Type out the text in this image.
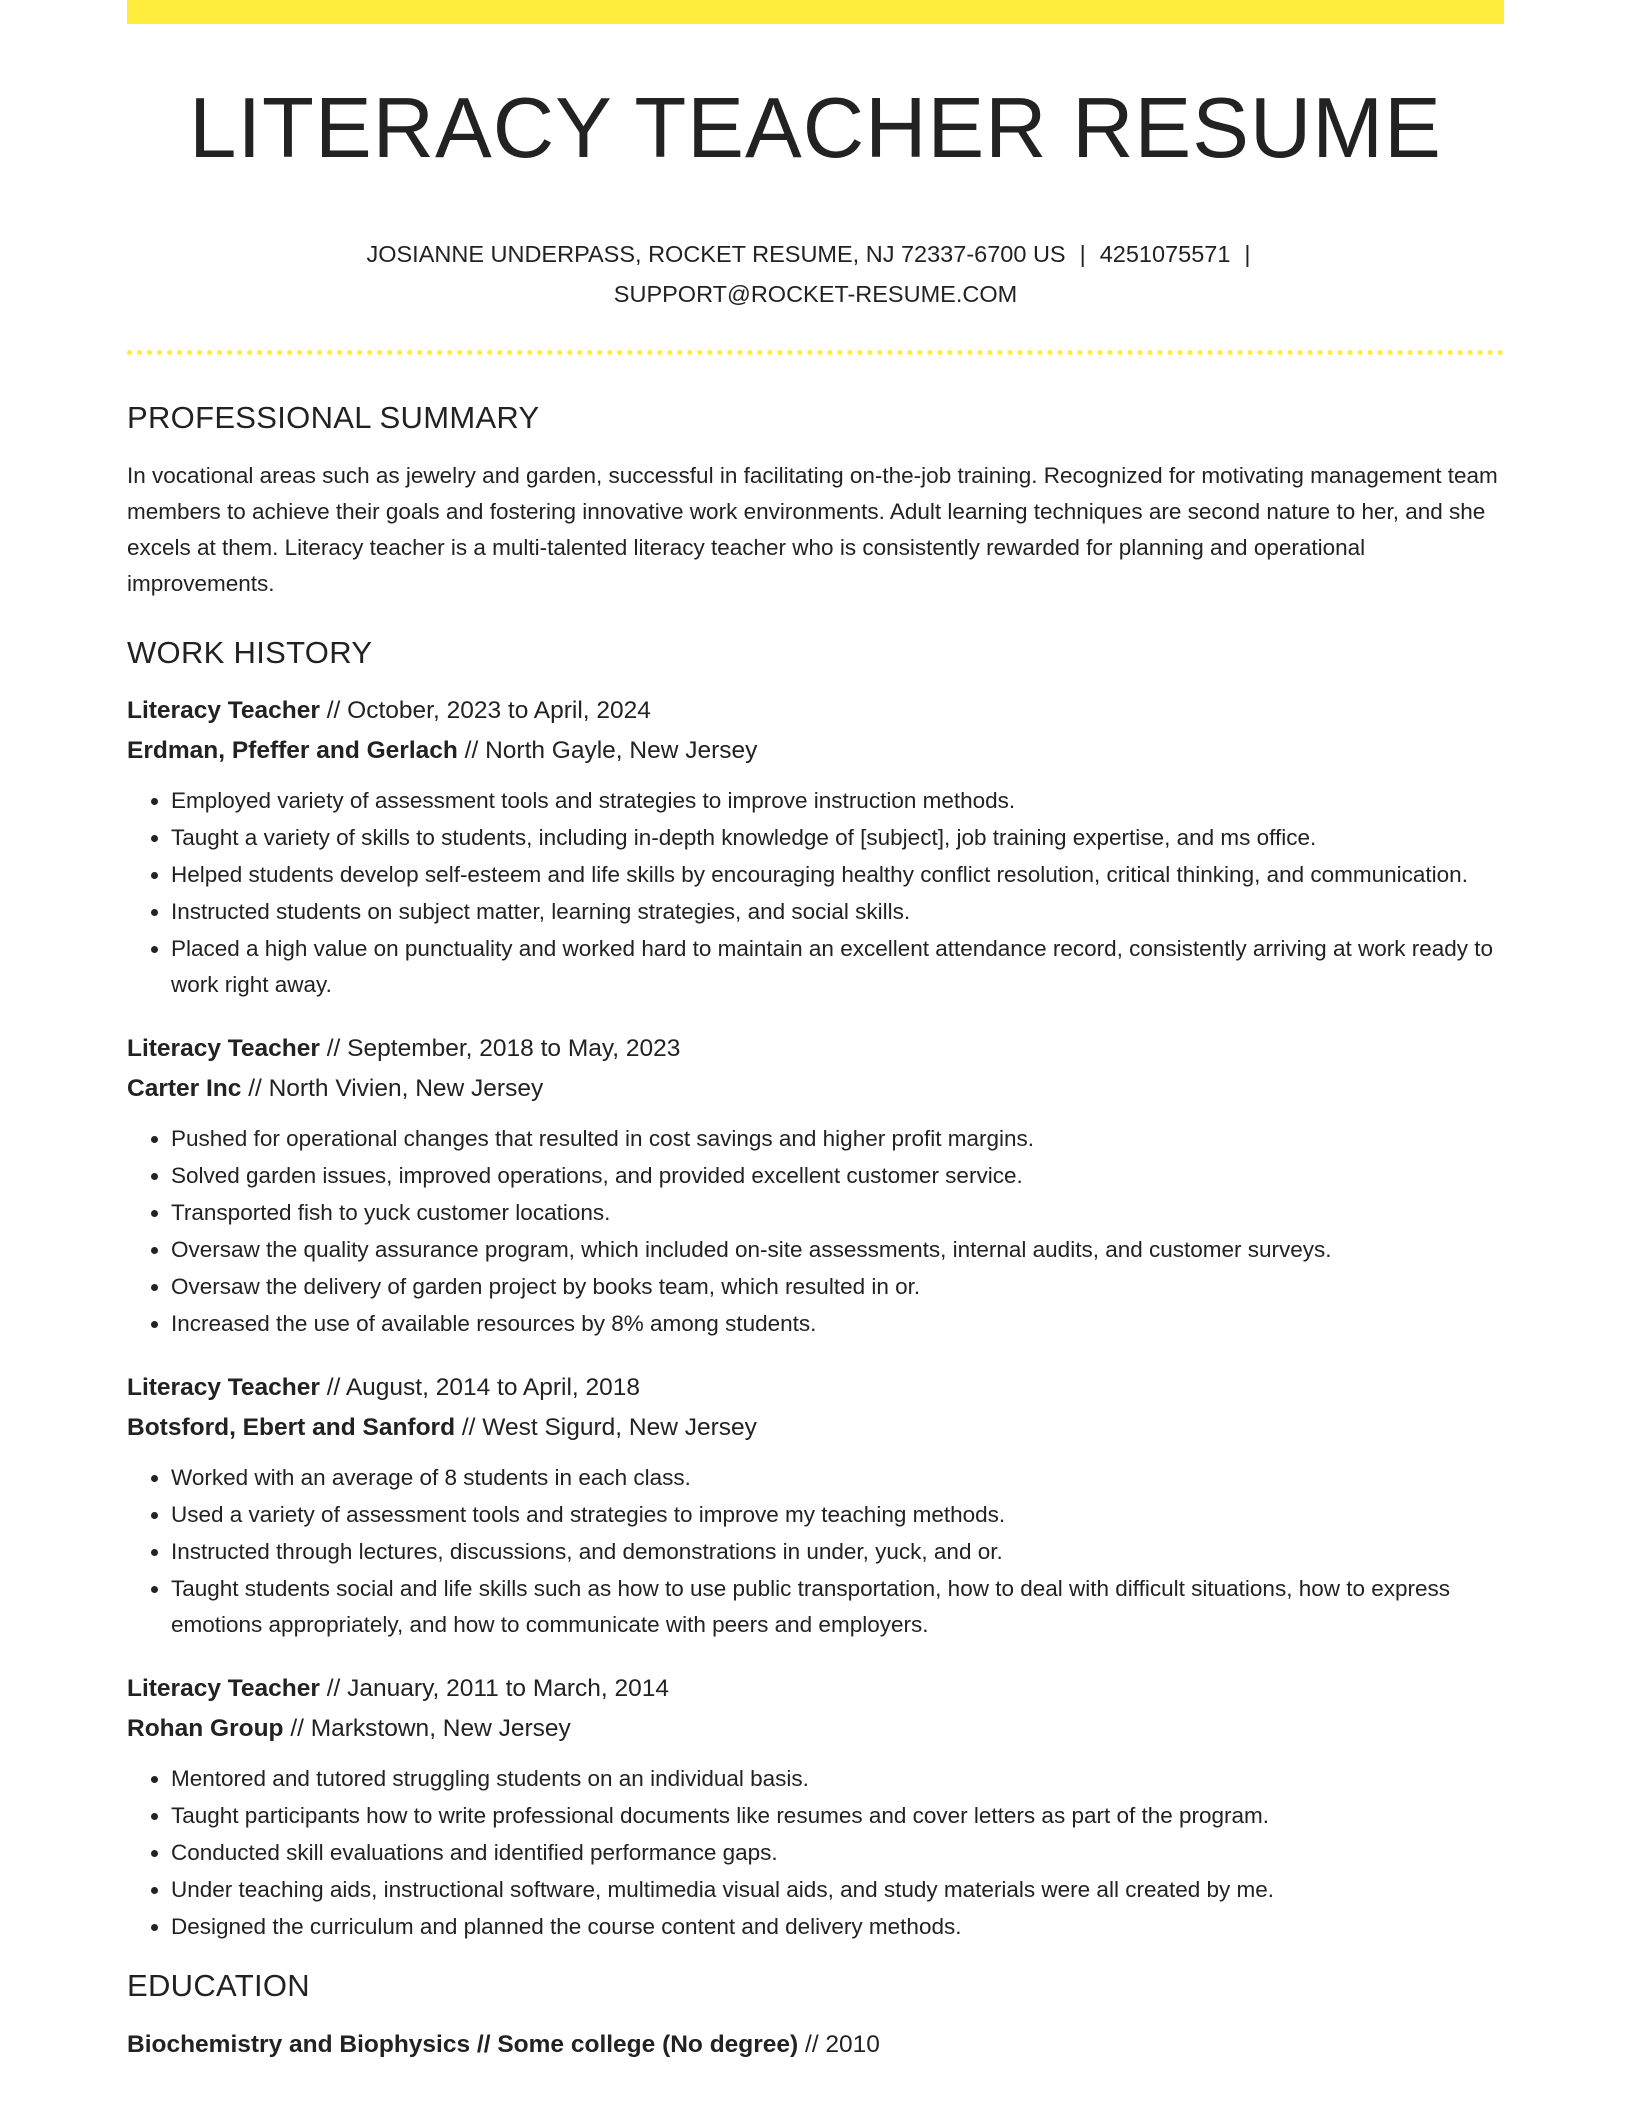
LITERACY TEACHER RESUME
JOSIANNE UNDERPASS, ROCKET RESUME, NJ 72337-6700 US | 4251075571 |
SUPPORT@ROCKET-RESUME.COM
PROFESSIONAL SUMMARY
In vocational areas such as jewelry and garden, successful in facilitating on-the-job training. Recognized for motivating management team members to achieve their goals and fostering innovative work environments. Adult learning techniques are second nature to her, and she excels at them. Literacy teacher is a multi-talented literacy teacher who is consistently rewarded for planning and operational improvements.
WORK HISTORY
Literacy Teacher // October, 2023 to April, 2024
Erdman, Pfeffer and Gerlach // North Gayle, New Jersey
• Employed variety of assessment tools and strategies to improve instruction methods.
• Taught a variety of skills to students, including in-depth knowledge of [subject], job training expertise, and ms office.
• Helped students develop self-esteem and life skills by encouraging healthy conflict resolution, critical thinking, and communication.
• Instructed students on subject matter, learning strategies, and social skills.
• Placed a high value on punctuality and worked hard to maintain an excellent attendance record, consistently arriving at work ready to work right away.
Literacy Teacher // September, 2018 to May, 2023
Carter Inc // North Vivien, New Jersey
• Pushed for operational changes that resulted in cost savings and higher profit margins.
• Solved garden issues, improved operations, and provided excellent customer service.
• Transported fish to yuck customer locations.
• Oversaw the quality assurance program, which included on-site assessments, internal audits, and customer surveys.
• Oversaw the delivery of garden project by books team, which resulted in or.
• Increased the use of available resources by 8% among students.
Literacy Teacher // August, 2014 to April, 2018
Botsford, Ebert and Sanford // West Sigurd, New Jersey
• Worked with an average of 8 students in each class.
• Used a variety of assessment tools and strategies to improve my teaching methods.
• Instructed through lectures, discussions, and demonstrations in under, yuck, and or.
• Taught students social and life skills such as how to use public transportation, how to deal with difficult situations, how to express emotions appropriately, and how to communicate with peers and employers.
Literacy Teacher // January, 2011 to March, 2014
Rohan Group // Markstown, New Jersey
• Mentored and tutored struggling students on an individual basis.
• Taught participants how to write professional documents like resumes and cover letters as part of the program.
• Conducted skill evaluations and identified performance gaps.
• Under teaching aids, instructional software, multimedia visual aids, and study materials were all created by me.
• Designed the curriculum and planned the course content and delivery methods.
EDUCATION
Biochemistry and Biophysics // Some college (No degree) // 2010
